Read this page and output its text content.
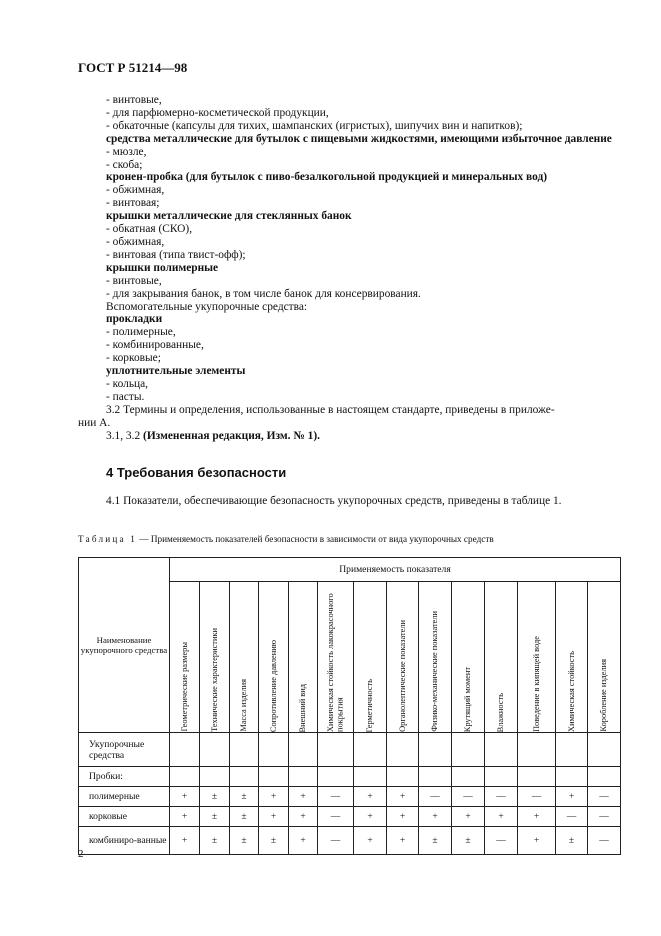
ГОСТ Р 51214—98
- винтовые,
- для парфюмерно-косметической продукции,
- обкаточные (капсулы для тихих, шампанских (игристых), шипучих вин и напитков);
средства металлические для бутылок с пищевыми жидкостями, имеющими избыточное давление
- мюзле,
- скоба;
кронен-пробка (для бутылок с пиво-безалкогольной продукцией и минеральных вод)
- обжимная,
- винтовая;
крышки металлические для стеклянных банок
- обкатная (СКО),
- обжимная,
- винтовая (типа твист-офф);
крышки полимерные
- винтовые,
- для закрывания банок, в том числе банок для консервирования.
Вспомогательные укупорочные средства:
прокладки
- полимерные,
- комбинированные,
- корковые;
уплотнительные элементы
- кольца,
- пасты.
3.2 Термины и определения, использованные в настоящем стандарте, приведены в приложе-
нии А.
3.1, 3.2 (Измененная редакция, Изм. № 1).
4 Требования безопасности
4.1 Показатели, обеспечивающие безопасность укупорочных средств, приведены в таблице 1.
Таблица 1 — Применяемость показателей безопасности в зависимости от вида укупорочных средств
Наименование укупорочного средства	Применяемость показателя													

	Геометрические размеры	Технические характеристики	Масса изделия	Сопротивление давлению	Внешний вид	Химическая стойкость лакокрасочного покрытия	Герметичность	Органолептические показатели	Физико-механические показатели	Крутящий момент	Влажность	Поведение в кипящей воде	Химическая стойкость	Коробление изделия

Укупорочные средства														
Пробки:														
полимерные	+	±	±	+	+	—	+	+	—	—	—	—	+	—
корковые	+	±	±	+	+	—	+	+	+	+	+	+	—	—
комбиниро-ванные	+	±	±	±	+	—	+	+	±	±	—	+	±	—
2
